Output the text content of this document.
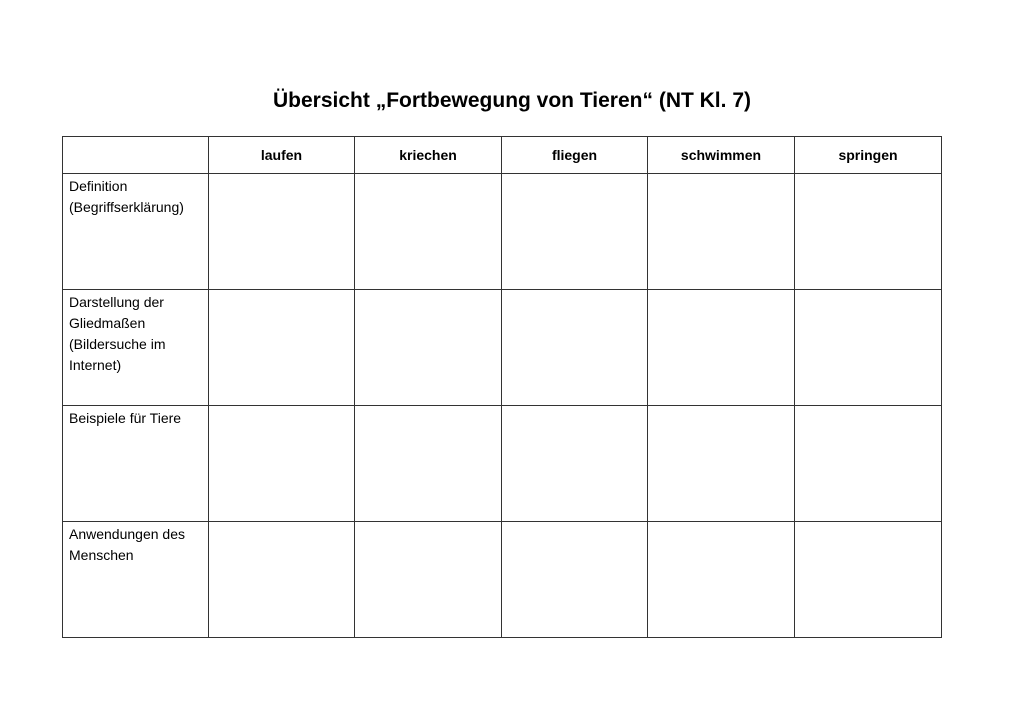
Übersicht „Fortbewegung von Tieren“ (NT Kl. 7)
	laufen	kriechen	fliegen	schwimmen	springen

Definition
(Begriffserklärung)					

Darstellung der
Gliedmaßen
(Bildersuche im
Internet)					

Beispiele für Tiere					

Anwendungen des
Menschen					
